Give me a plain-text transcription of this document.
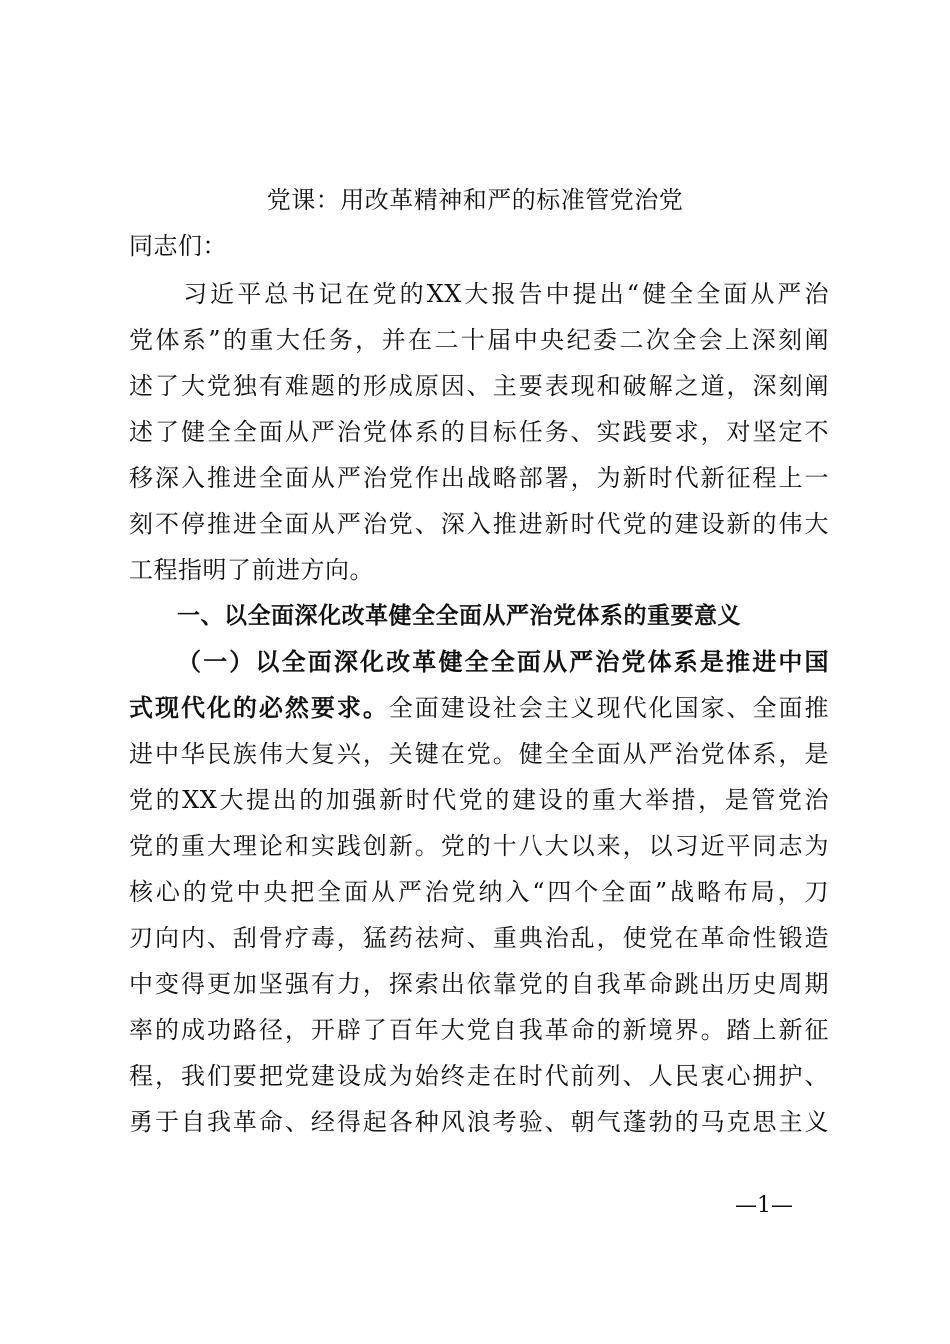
党课：用改革精神和严的标准管党治党
同志们：
　　习近平总书记在党的XX大报告中提出“健全全面从严治
党体系”的重大任务，并在二十届中央纪委二次全会上深刻阐
述了大党独有难题的形成原因、主要表现和破解之道，深刻阐
述了健全全面从严治党体系的目标任务、实践要求，对坚定不
移深入推进全面从严治党作出战略部署，为新时代新征程上一
刻不停推进全面从严治党、深入推进新时代党的建设新的伟大
工程指明了前进方向。
一、以全面深化改革健全全面从严治党体系的重要意义
（一）以全面深化改革健全全面从严治党体系是推进中国
式现代化的必然要求。全面建设社会主义现代化国家、全面推
进中华民族伟大复兴，关键在党。健全全面从严治党体系，是
党的XX大提出的加强新时代党的建设的重大举措，是管党治
党的重大理论和实践创新。党的十八大以来，以习近平同志为
核心的党中央把全面从严治党纳入“四个全面”战略布局，刀
刃向内、刮骨疗毒，猛药祛疴、重典治乱，使党在革命性锻造
中变得更加坚强有力，探索出依靠党的自我革命跳出历史周期
率的成功路径，开辟了百年大党自我革命的新境界。踏上新征
程，我们要把党建设成为始终走在时代前列、人民衷心拥护、
勇于自我革命、经得起各种风浪考验、朝气蓬勃的马克思主义
—1—
